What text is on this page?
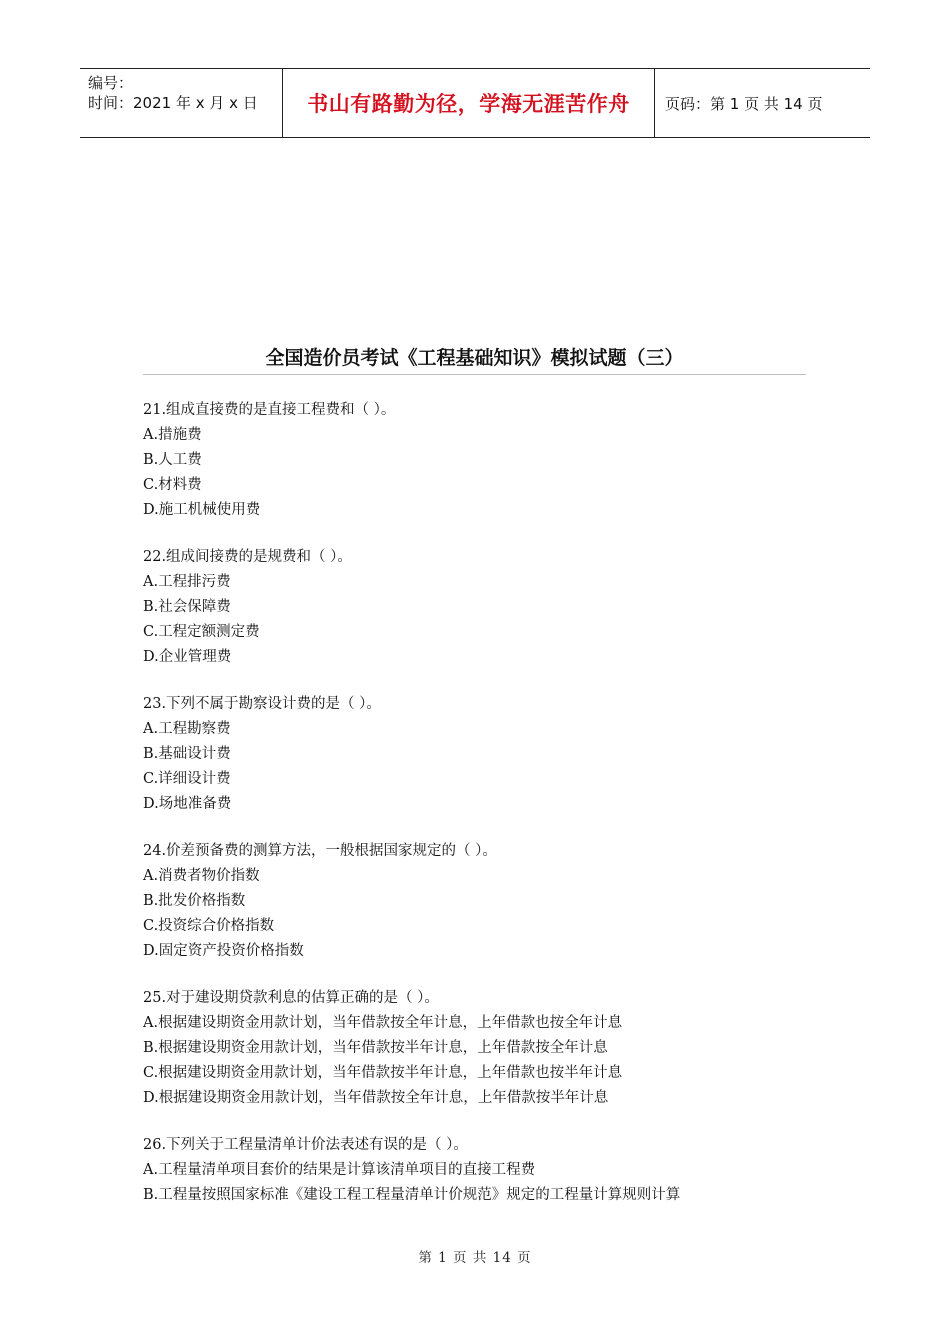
编号：
时间：2021 年 x 月 x 日	书山有路勤为径，学海无涯苦作舟 页码：第 1 页 共 14 页
全国造价员考试《工程基础知识》模拟试题（三）
21.组成直接费的是直接工程费和（ ）。
A.措施费
B.人工费
C.材料费
D.施工机械使用费
22.组成间接费的是规费和（ ）。
A.工程排污费
B.社会保障费
C.工程定额测定费
D.企业管理费
23.下列不属于勘察设计费的是（ ）。
A.工程勘察费
B.基础设计费
C.详细设计费
D.场地准备费
24.价差预备费的测算方法，一般根据国家规定的（ ）。
A.消费者物价指数
B.批发价格指数
C.投资综合价格指数
D.固定资产投资价格指数
25.对于建设期贷款利息的估算正确的是（ ）。
A.根据建设期资金用款计划，当年借款按全年计息，上年借款也按全年计息
B.根据建设期资金用款计划，当年借款按半年计息，上年借款按全年计息
C.根据建设期资金用款计划，当年借款按半年计息，上年借款也按半年计息
D.根据建设期资金用款计划，当年借款按全年计息，上年借款按半年计息
26.下列关于工程量清单计价法表述有误的是（ ）。
A.工程量清单项目套价的结果是计算该清单项目的直接工程费
B.工程量按照国家标准《建设工程工程量清单计价规范》规定的工程量计算规则计算
第 1 页 共 14 页
